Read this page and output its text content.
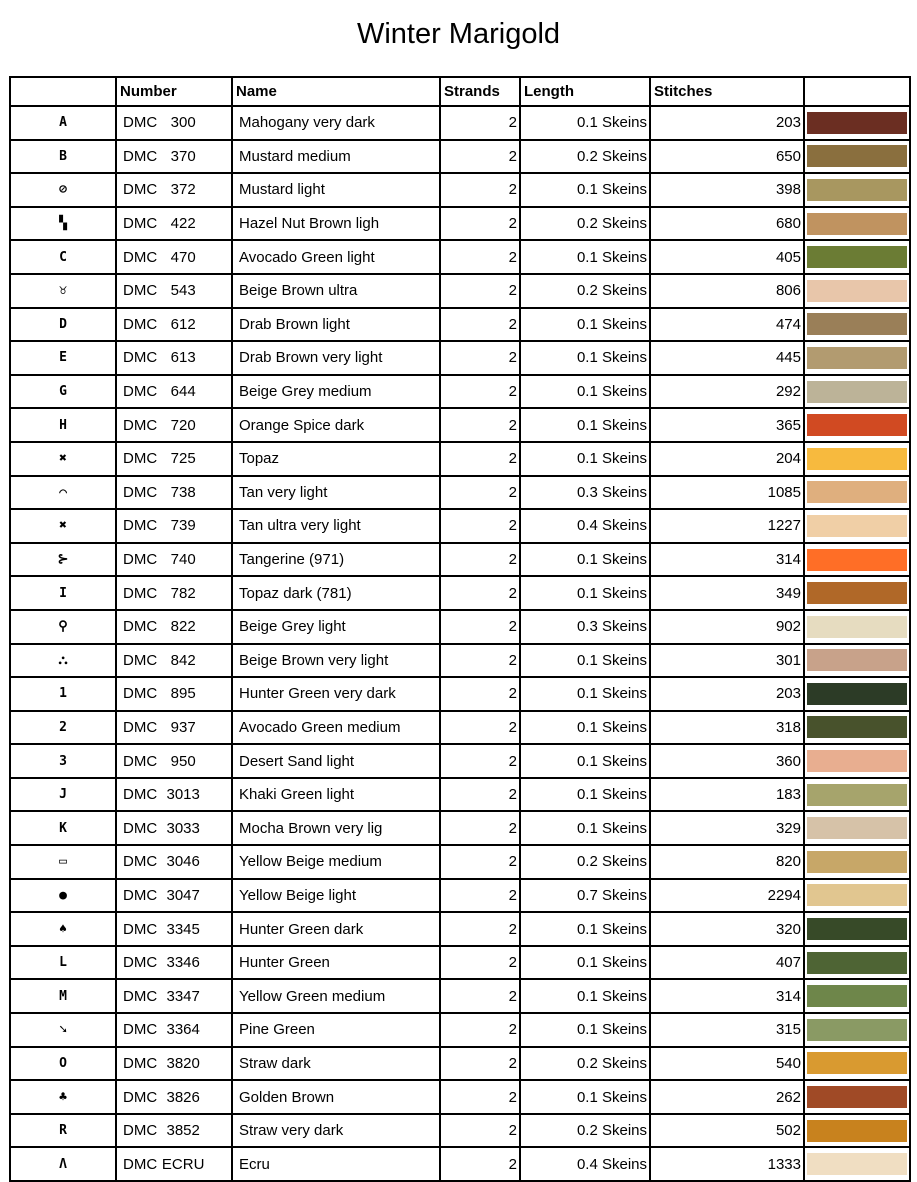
Winter Marigold
	Number	Name	Strands	Length	Stitches	
A	DMC 300	Mahogany very dark	2	0.1 Skeins	203	

B	DMC 370	Mustard medium	2	0.2 Skeins	650	

⊘	DMC 372	Mustard light	2	0.1 Skeins	398	

▚	DMC 422	Hazel Nut Brown ligh	2	0.2 Skeins	680	

C	DMC 470	Avocado Green light	2	0.1 Skeins	405	

♉	DMC 543	Beige Brown ultra	2	0.2 Skeins	806	

D	DMC 612	Drab Brown light	2	0.1 Skeins	474	

E	DMC 613	Drab Brown very light	2	0.1 Skeins	445	

G	DMC 644	Beige Grey medium	2	0.1 Skeins	292	

H	DMC 720	Orange Spice dark	2	0.1 Skeins	365	

✖	DMC 725	Topaz	2	0.1 Skeins	204	

⌒	DMC 738	Tan very light	2	0.3 Skeins	1085	

✖	DMC 739	Tan ultra very light	2	0.4 Skeins	1227	

⊱	DMC 740	Tangerine (971)	2	0.1 Skeins	314	

I	DMC 782	Topaz dark (781)	2	0.1 Skeins	349	

⚲	DMC 822	Beige Grey light	2	0.3 Skeins	902	

⛬	DMC 842	Beige Brown very light	2	0.1 Skeins	301	

1	DMC 895	Hunter Green very dark	2	0.1 Skeins	203	

2	DMC 937	Avocado Green medium	2	0.1 Skeins	318	

3	DMC 950	Desert Sand light	2	0.1 Skeins	360	

J	DMC 3013	Khaki Green light	2	0.1 Skeins	183	

K	DMC 3033	Mocha Brown very lig	2	0.1 Skeins	329	

▭	DMC 3046	Yellow Beige medium	2	0.2 Skeins	820	

●	DMC 3047	Yellow Beige light	2	0.7 Skeins	2294	

♠	DMC 3345	Hunter Green dark	2	0.1 Skeins	320	

L	DMC 3346	Hunter Green	2	0.1 Skeins	407	

M	DMC 3347	Yellow Green medium	2	0.1 Skeins	314	

➘	DMC 3364	Pine Green	2	0.1 Skeins	315	

O	DMC 3820	Straw dark	2	0.2 Skeins	540	

♣	DMC 3826	Golden Brown	2	0.1 Skeins	262	

R	DMC 3852	Straw very dark	2	0.2 Skeins	502	

Λ	DMC ECRU	Ecru	2	0.4 Skeins	1333	
